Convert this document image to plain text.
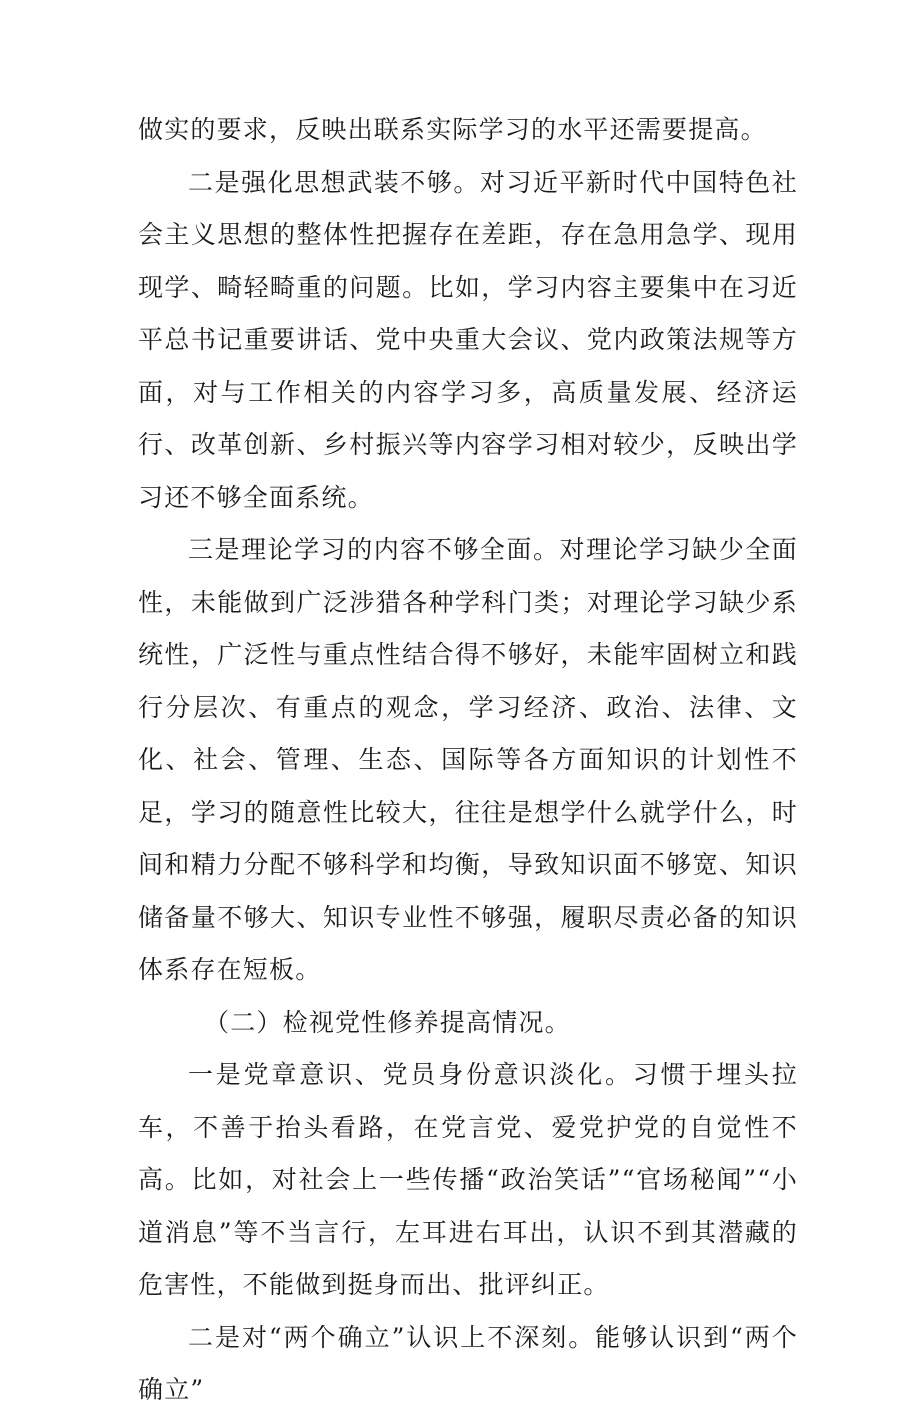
做实的要求，反映出联系实际学习的水平还需要提高。

二是强化思想武装不够。对习近平新时代中国特色社会主义思想的整体性把握存在差距，存在急用急学、现用现学、畸轻畸重的问题。比如，学习内容主要集中在习近平总书记重要讲话、党中央重大会议、党内政策法规等方面，对与工作相关的内容学习多，高质量发展、经济运行、改革创新、乡村振兴等内容学习相对较少，反映出学习还不够全面系统。

三是理论学习的内容不够全面。对理论学习缺少全面性，未能做到广泛涉猎各种学科门类；对理论学习缺少系统性，广泛性与重点性结合得不够好，未能牢固树立和践行分层次、有重点的观念，学习经济、政治、法律、文化、社会、管理、生态、国际等各方面知识的计划性不足，学习的随意性比较大，往往是想学什么就学什么，时间和精力分配不够科学和均衡，导致知识面不够宽、知识储备量不够大、知识专业性不够强，履职尽责必备的知识体系存在短板。

（二）检视党性修养提高情况。

一是党章意识、党员身份意识淡化。习惯于埋头拉车，不善于抬头看路，在党言党、爱党护党的自觉性不高。比如，对社会上一些传播“政治笑话”“官场秘闻”“小道消息”等不当言行，左耳进右耳出，认识不到其潜藏的危害性，不能做到挺身而出、批评纠正。

二是对“两个确立”认识上不深刻。能够认识到“两个确立”
